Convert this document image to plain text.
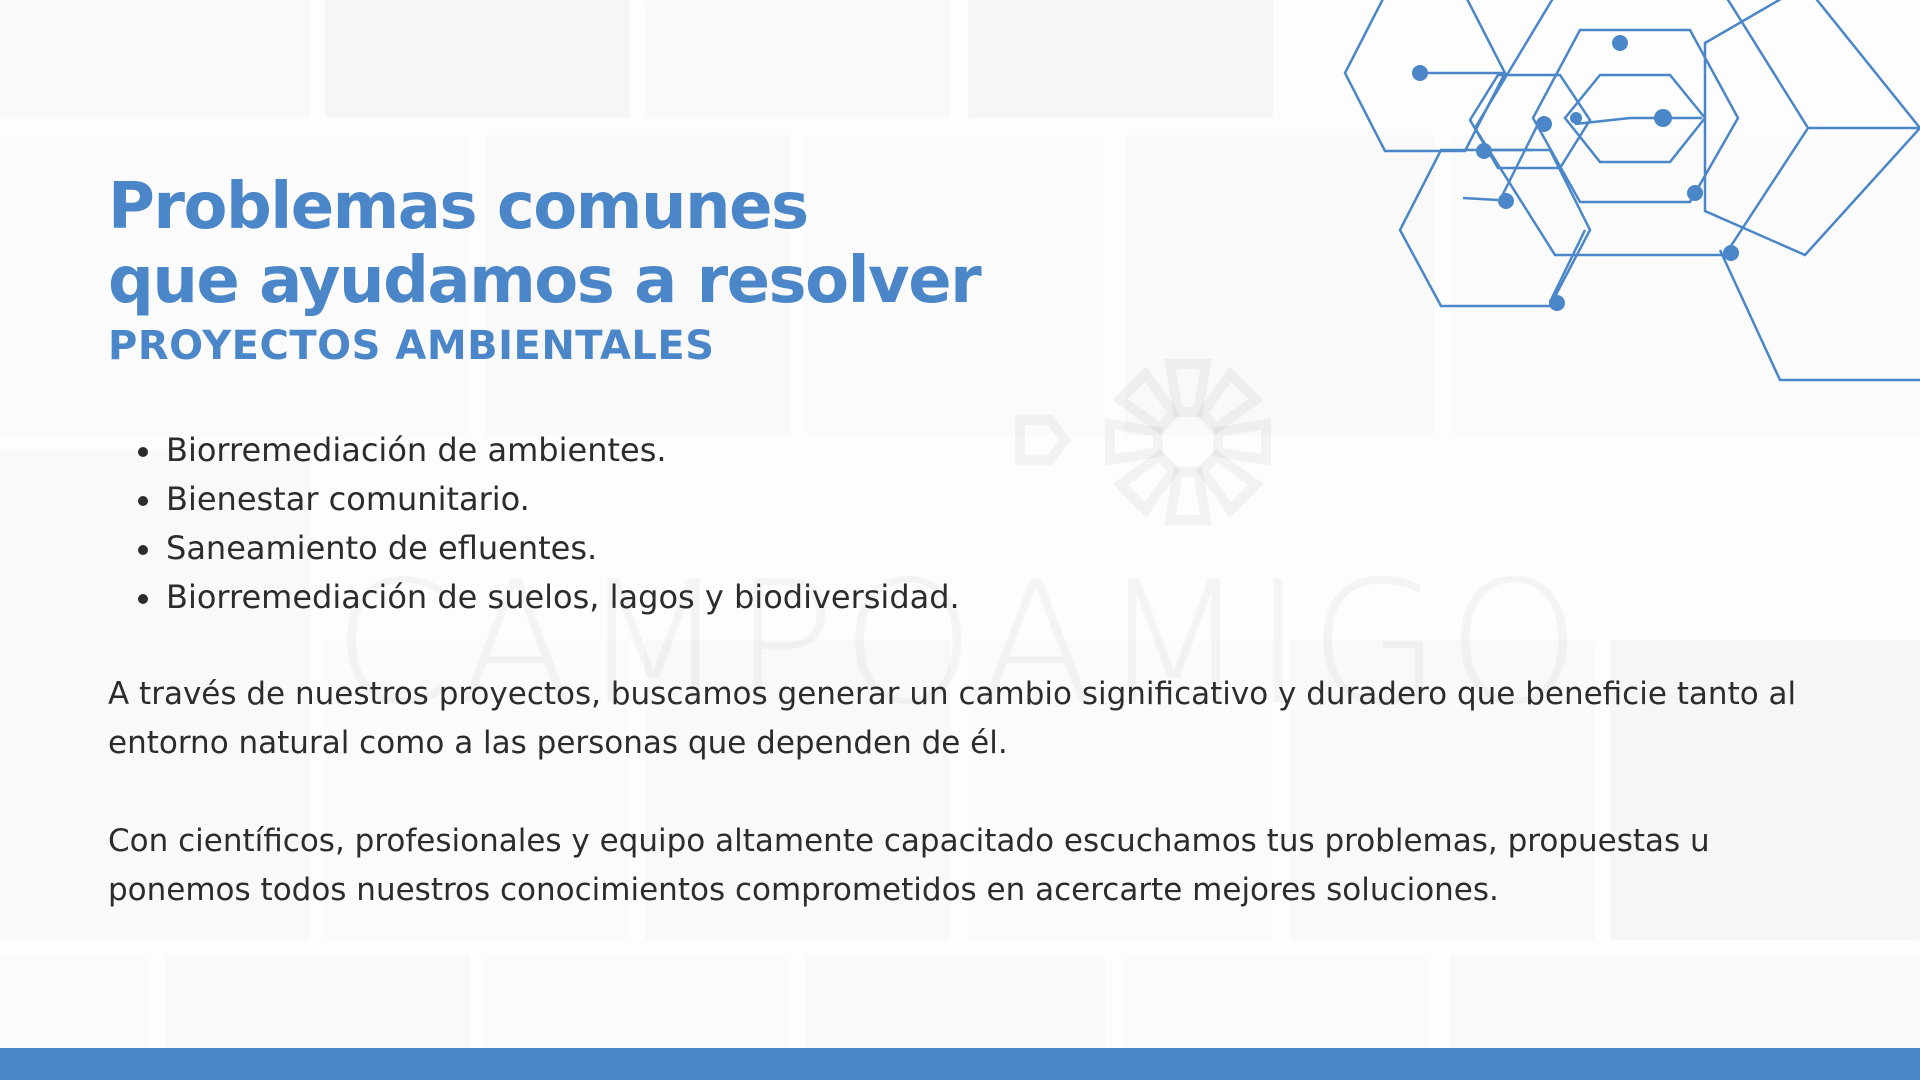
Problemas comunes
que ayudamos a resolver
PROYECTOS AMBIENTALES
Biorremediación de ambientes.
Bienestar comunitario.
Saneamiento de efluentes.
Biorremediación de suelos, lagos y biodiversidad.

A través de nuestros proyectos, buscamos generar un cambio significativo y duradero que beneficie tanto al entorno natural como a las personas que dependen de él.

Con científicos, profesionales y equipo altamente capacitado escuchamos tus problemas, propuestas u ponemos todos nuestros conocimientos comprometidos en acercarte mejores soluciones.
